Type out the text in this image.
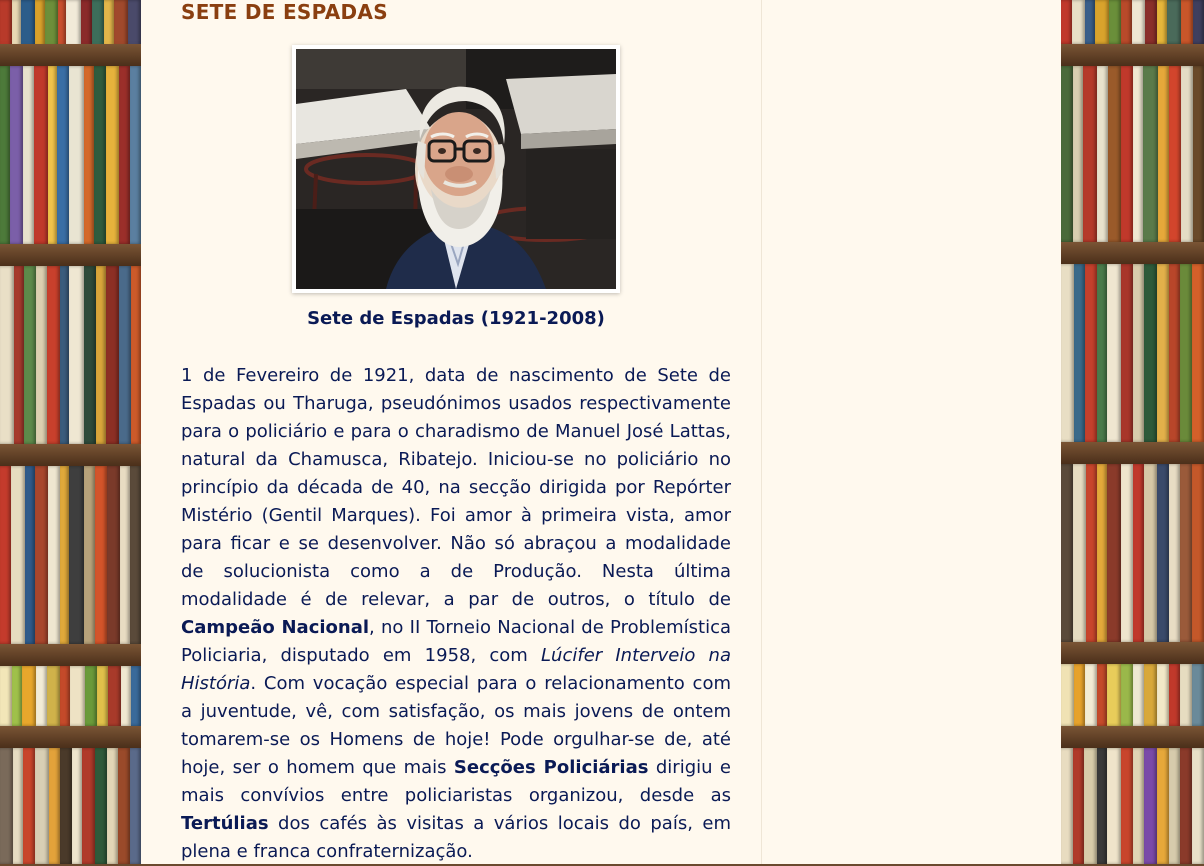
SETE DE ESPADAS
Sete de Espadas (1921-2008)

1 de Fevereiro de 1921, data de nascimento de Sete de Espadas ou Tharuga, pseudónimos usados respectivamente para o policiário e para o charadismo de Manuel José Lattas, natural da Chamusca, Ribatejo. Iniciou-se no policiário no princípio da década de 40, na secção dirigida por Repórter Mistério (Gentil Marques). Foi amor à primeira vista, amor para ficar e se desenvolver. Não só abraçou a modalidade de solucionista como a de Produção. Nesta última modalidade é de relevar, a par de outros, o título de Campeão Nacional, no II Torneio Nacional de Problemística Policiaria, disputado em 1958, com Lúcifer Interveio na História. Com vocação especial para o relacionamento com a juventude, vê, com satisfação, os mais jovens de ontem tomarem-se os Homens de hoje! Pode orgulhar-se de, até hoje, ser o homem que mais Secções Policiárias dirigiu e mais convívios entre policiaristas organizou, desde as Tertúlias dos cafés às visitas a vários locais do país, em plena e franca confraternização.
